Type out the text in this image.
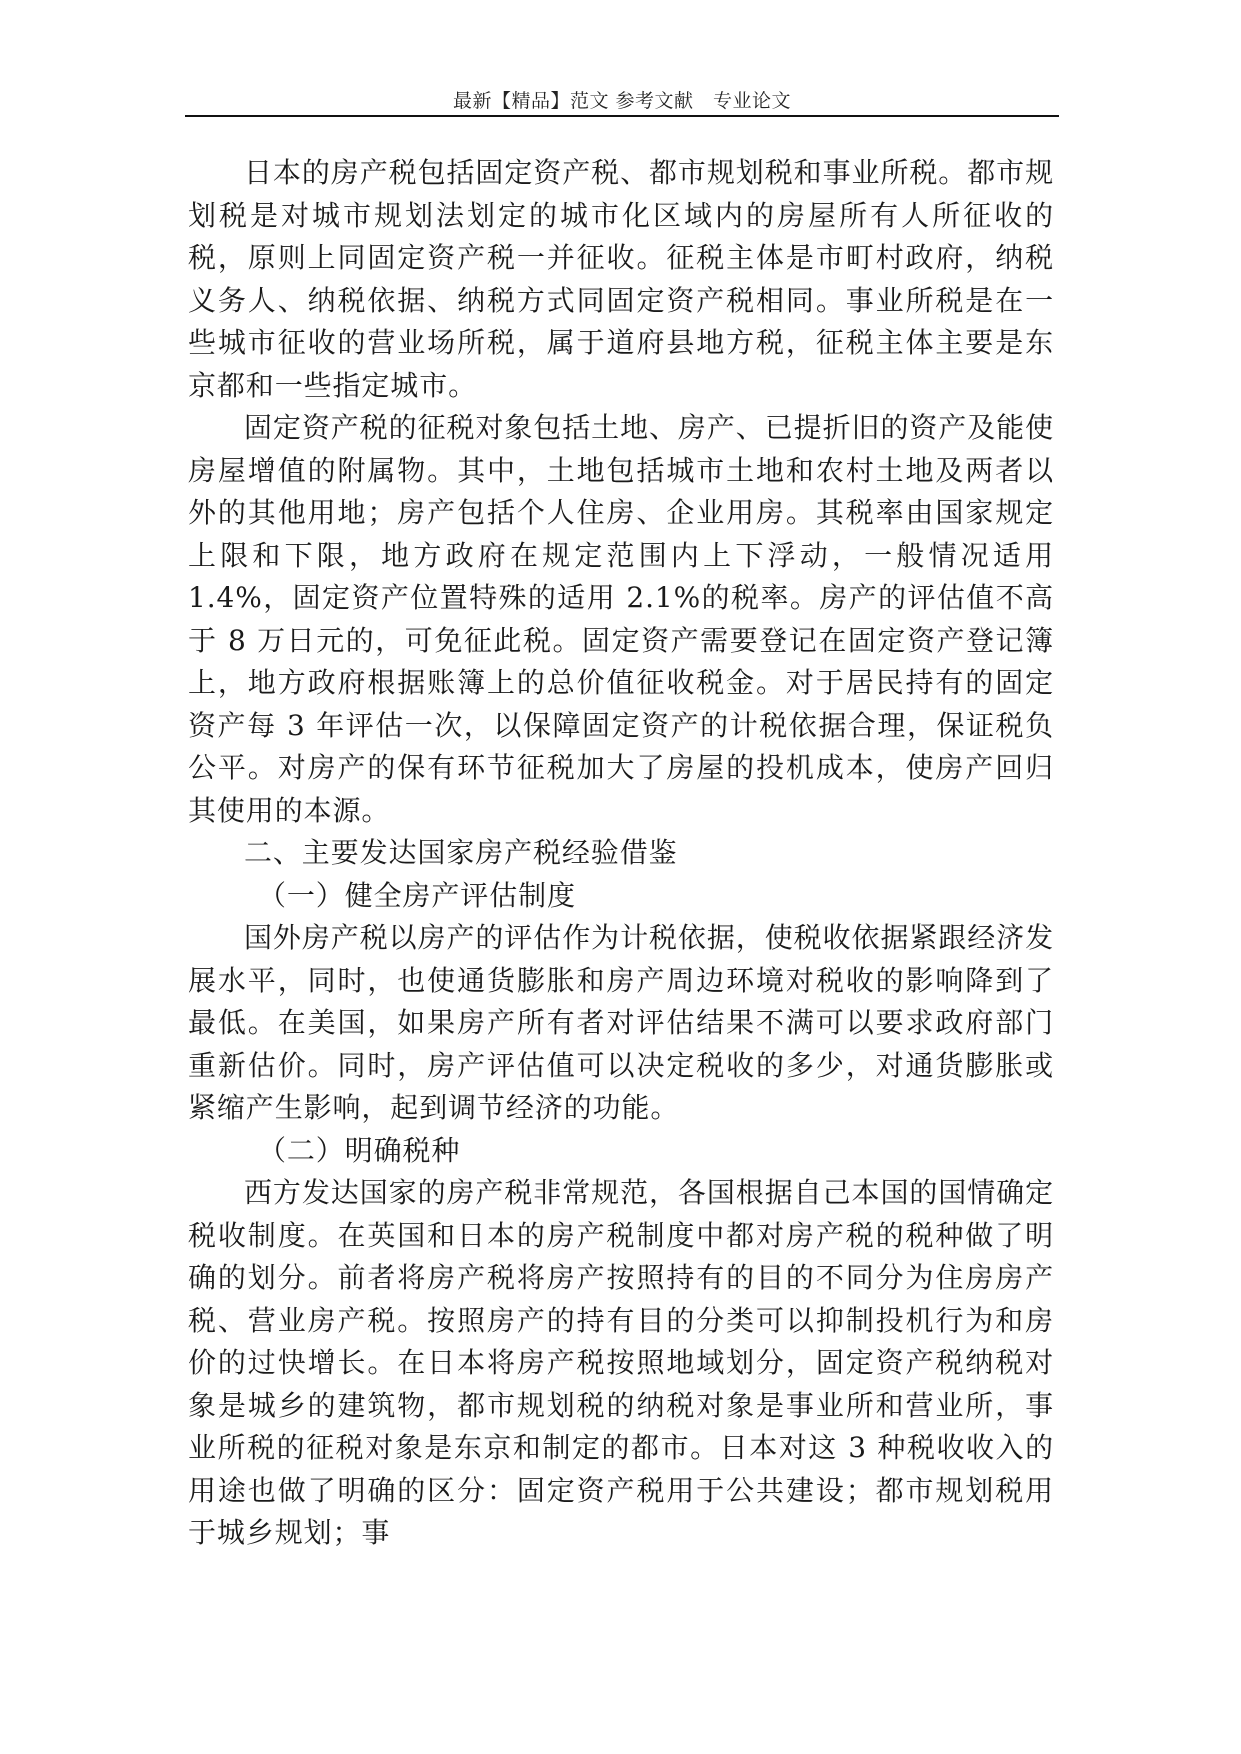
最新【精品】范文 参考文献　专业论文

日本的房产税包括固定资产税、都市规划税和事业所税。都市规划税是对城市规划法划定的城市化区域内的房屋所有人所征收的税，原则上同固定资产税一并征收。征税主体是市町村政府，纳税义务人、纳税依据、纳税方式同固定资产税相同。事业所税是在一些城市征收的营业场所税，属于道府县地方税，征税主体主要是东京都和一些指定城市。

固定资产税的征税对象包括土地、房产、已提折旧的资产及能使房屋增值的附属物。其中，土地包括城市土地和农村土地及两者以外的其他用地；房产包括个人住房、企业用房。其税率由国家规定上限和下限，地方政府在规定范围内上下浮动，一般情况适用 1.4%，固定资产位置特殊的适用 2.1%的税率。房产的评估值不高于 8 万日元的，可免征此税。固定资产需要登记在固定资产登记簿上，地方政府根据账簿上的总价值征收税金。对于居民持有的固定资产每 3 年评估一次，以保障固定资产的计税依据合理，保证税负公平。对房产的保有环节征税加大了房屋的投机成本，使房产回归其使用的本源。

二、主要发达国家房产税经验借鉴

（一）健全房产评估制度

国外房产税以房产的评估作为计税依据，使税收依据紧跟经济发展水平，同时，也使通货膨胀和房产周边环境对税收的影响降到了最低。在美国，如果房产所有者对评估结果不满可以要求政府部门重新估价。同时，房产评估值可以决定税收的多少，对通货膨胀或紧缩产生影响，起到调节经济的功能。

（二）明确税种

西方发达国家的房产税非常规范，各国根据自己本国的国情确定税收制度。在英国和日本的房产税制度中都对房产税的税种做了明确的划分。前者将房产税将房产按照持有的目的不同分为住房房产税、营业房产税。按照房产的持有目的分类可以抑制投机行为和房价的过快增长。在日本将房产税按照地域划分，固定资产税纳税对象是城乡的建筑物，都市规划税的纳税对象是事业所和营业所，事业所税的征税对象是东京和制定的都市。日本对这 3 种税收收入的用途也做了明确的区分：固定资产税用于公共建设；都市规划税用于城乡规划；事
